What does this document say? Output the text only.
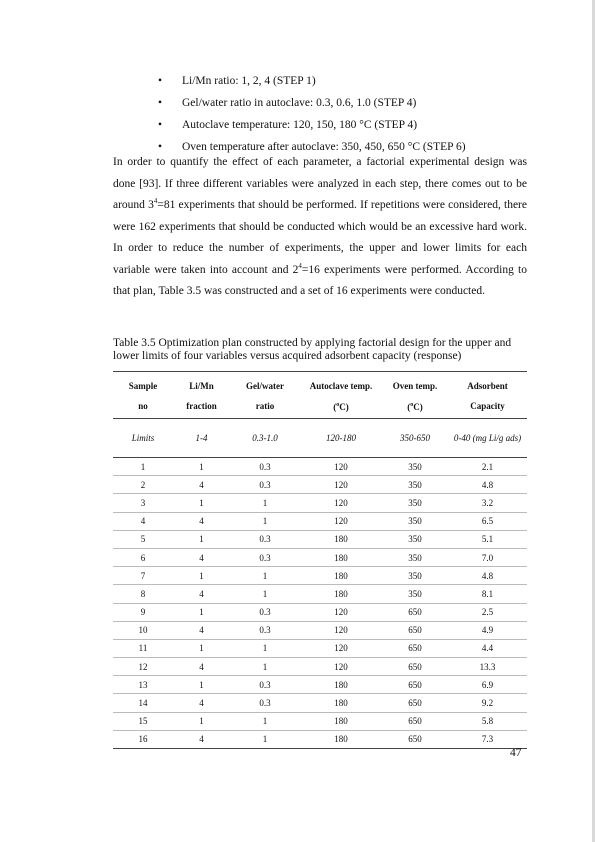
• Li/Mn ratio: 1, 2, 4 (STEP 1)
• Gel/water ratio in autoclave: 0.3, 0.6, 1.0 (STEP 4)
• Autoclave temperature: 120, 150, 180 °C (STEP 4)
• Oven temperature after autoclave: 350, 450, 650 °C (STEP 6)

In order to quantify the effect of each parameter, a factorial experimental design was done [93]. If three different variables were analyzed in each step, there comes out to be around $3^4=81$ experiments that should be performed. If repetitions were considered, there were 162 experiments that should be conducted which would be an excessive hard work. In order to reduce the number of experiments, the upper and lower limits for each variable were taken into account and $2^4=16$ experiments were performed. According to that plan, Table 3.5 was constructed and a set of 16 experiments were conducted.

Table 3.5 Optimization plan constructed by applying factorial design for the upper and lower limits of four variables versus acquired adsorbent capacity (response)

Sample	Li/Mn	Gel/water	Autoclave temp.	Oven temp.	Adsorbent
no	fraction	ratio	($^o$C)	($^o$C)	Capacity
Limits	1-4	0.3-1.0	120-180	350-650	0-40 (mg Li/g ads)
1	1	0.3	120	350	2.1
2	4	0.3	120	350	4.8
3	1	1	120	350	3.2
4	4	1	120	350	6.5
5	1	0.3	180	350	5.1
6	4	0.3	180	350	7.0
7	1	1	180	350	4.8
8	4	1	180	350	8.1
9	1	0.3	120	650	2.5
10	4	0.3	120	650	4.9
11	1	1	120	650	4.4
12	4	1	120	650	13.3
13	1	0.3	180	650	6.9
14	4	0.3	180	650	9.2
15	1	1	180	650	5.8
16	4	1	180	650	7.3
47
